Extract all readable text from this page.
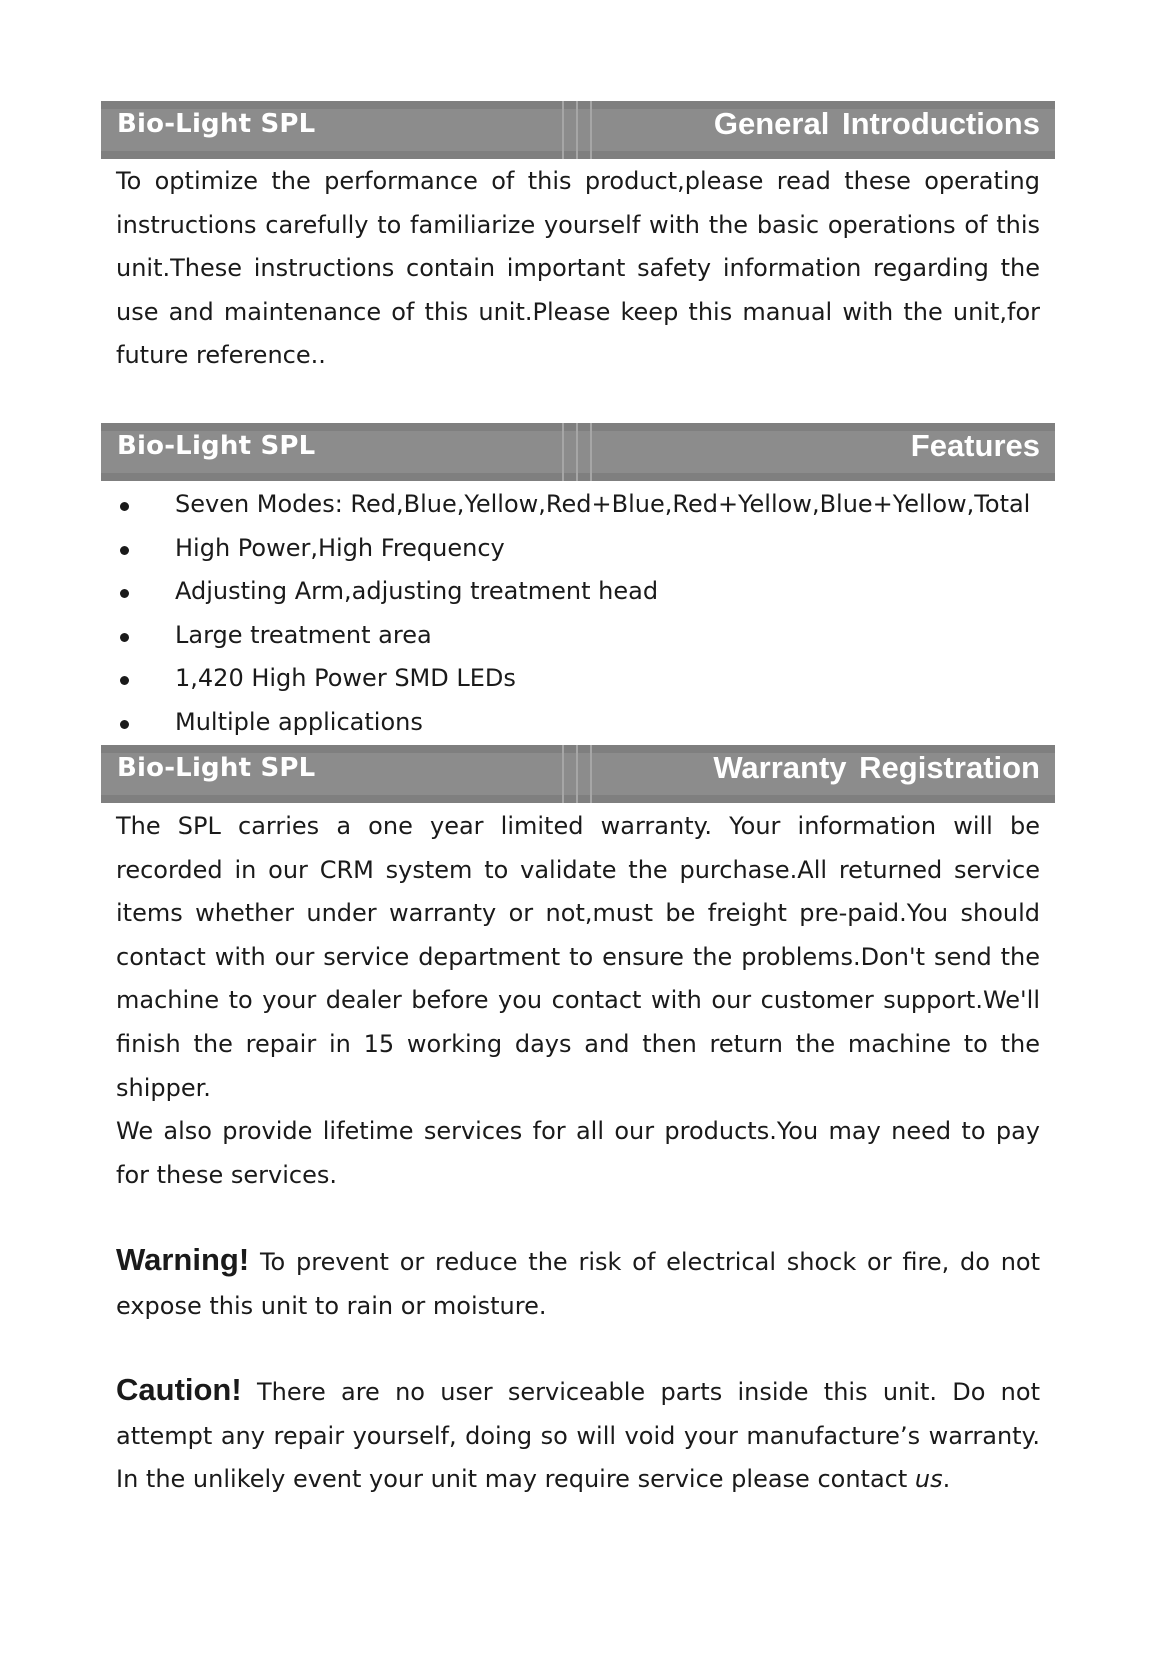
Bio-Light SPL	General Introductions

To optimize the performance of this product,please read these operating instructions carefully to familiarize yourself with the basic operations of this unit.These instructions contain important safety information regarding the use and maintenance of this unit.Please keep this manual with the unit,for future reference..

Bio-Light SPL	Features
Seven Modes: Red,Blue,Yellow,Red+Blue,Red+Yellow,Blue+Yellow,Total
High Power,High Frequency
Adjusting Arm,adjusting treatment head
Large treatment area
1,420 High Power SMD LEDs
Multiple applications
Bio-Light SPL	Warranty Registration

The SPL carries a one year limited warranty. Your information will be recorded in our CRM system to validate the purchase.All returned service items whether under warranty or not,must be freight pre-paid.You should contact with our service department to ensure the problems.Don't send the machine to your dealer before you contact with our customer support.We'll finish the repair in 15 working days and then return the machine to the shipper.

We also provide lifetime services for all our products.You may need to pay for these services.

Warning! To prevent or reduce the risk of electrical shock or fire, do not expose this unit to rain or moisture.

Caution! There are no user serviceable parts inside this unit. Do not attempt any repair yourself, doing so will void your manufacture’s warranty. In the unlikely event your unit may require service please contact us.
